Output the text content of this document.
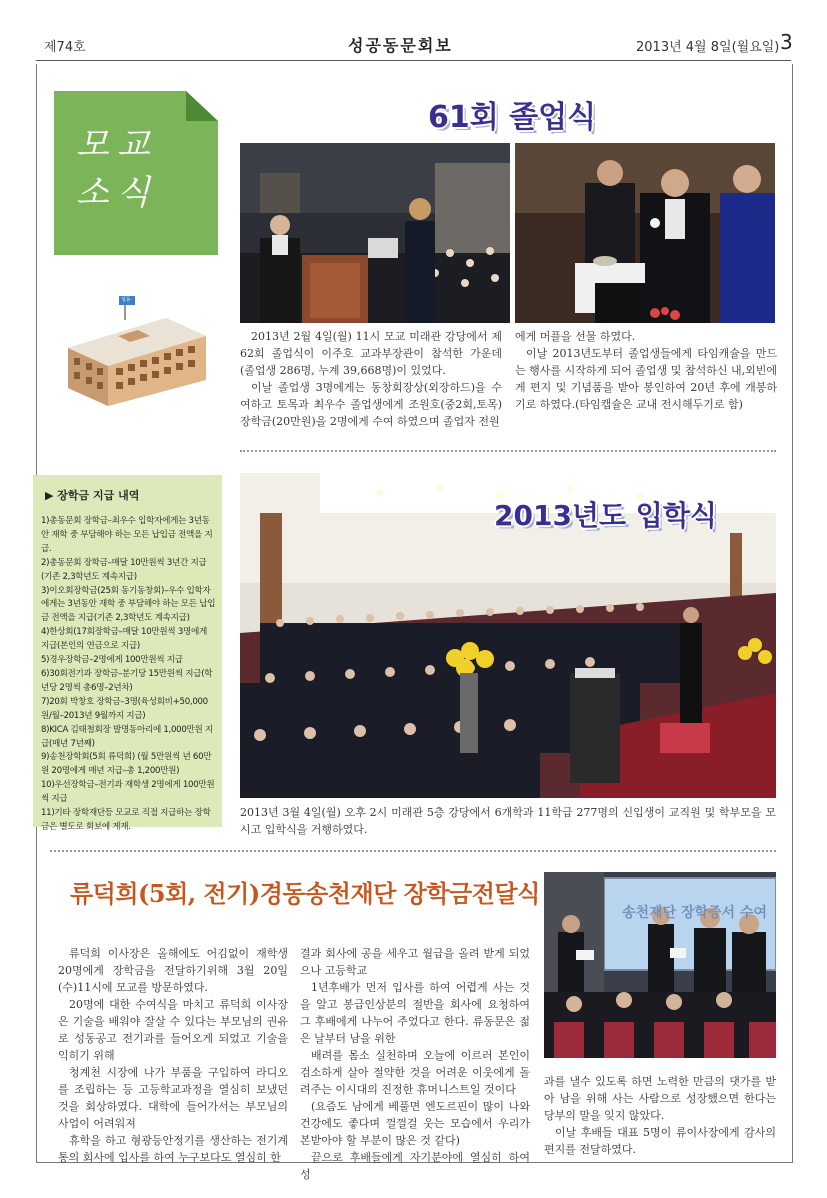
제74호	성공동문회보	2013년 4월 8일(월요일) 3
모교 소식
성동
61회 졸업식

2013년 2월 4일(월) 11시 모교 미래관 강당에서 제62회 졸업식이 이주호 교과부장관이 참석한 가운데 (졸업생 286명, 누계 39,668명)이 있었다.

이날 졸업생 3명에게는 동창회장상(외장하드)을 수여하고 토목과 최우수 졸업생에게 조원호(중2회,토목) 장학금(20만원)을 2명에게 수여 하였으며 졸업자 전원

에게 머플을 선물 하였다.

이날 2013년도부터 졸업생들에게 타임캐슐을 만드는 행사를 시작하게 되어 졸업생 및 참석하신 내,외빈에게 편지 및 기념품을 받아 봉인하여 20년 후에 개봉하기로 하였다.(타임캡슐은 교내 전시해두기로 함)

▶ 장학금 지급 내역
1)총동문회 장학금–최우수 입학자에게는 3년동안 재학 중 부담해야 하는 모든 납입금 전액을 지급.
2)총동문회 장학금–매달 10만원씩 3년간 지급(기존 2,3학년도 계속지급)
3)이오회장학금(25회 동기동창회)–우수 입학자에게는 3년동안 재학 중 부담해야 하는 모든 납입금 전액을 지급(기존 2,3학년도 계속지급)
4)한상회(17회장학금–매달 10만원씩 3명에게 지급(본인의 연금으로 지급)
5)경우장학금–2명에게 100만원씩 지급
6)30회전기과 장학금–분기당 15만원씩 지급(학년당 2명씩 총6명–2년차)
7)20회 박창호 장학금–3명(육성회비+50,000원/월–2013년 9월까지 지급)
8)KICA 김태철회장 발명동아리에 1,000만원 지급(매년 7년째)
9)송천장학회(5회 류덕희) (월 5만원씩 년 60만원 20명에게 매년 지급–총 1,200만원)
10)우선장학금–전기과 재학생 2명에게 100만원씩 지급
11)기타 장학재단등 모교로 직접 지급하는 장학금은 별도로 회보에 게재.
2013년도 입학식
2013년 3월 4일(월) 오후 2시 미래관 5층 강당에서 6개학과 11학급 277명의 신입생이 교직원 및 학부모을 모시고 입학식을 거행하였다.
류덕희(5회, 전기)경동송천재단 장학금전달식
송천재단 장학증서 수여

류덕희 이사장은 올해에도 어김없이 재학생 20명에게 장학금을 전달하기위해 3월 20일(수)11시에 모교를 방문하였다.

20명에 대한 수여식을 마치고 류덕희 이사장은 기술을 배워야 잘살 수 있다는 부모님의 권유로 성동공고 전기과를 들어오게 되었고 기술을 익히기 위해

청계천 시장에 나가 부품을 구입하여 라디오를 조립하는 등 고등학교과정을 열심히 보냈던 것을 회상하였다. 대학에 들어가서는 부모님의 사업이 어려워져

휴학을 하고 형광등안정기를 생산하는 전기계통의 회사에 입사를 하여 누구보다도 열심히 한

결과 회사에 공을 세우고 월급을 올려 받게 되었으나 고등학교

1년후배가 먼저 입사를 하여 어렵게 사는 것을 알고 봉급인상분의 절반을 회사에 요청하여 그 후배에게 나누어 주었다고 한다. 류동문은 젊은 날부터 남을 위한

배려를 몸소 실천하며 오늘에 이르러 본인이 검소하게 살아 절약한 것을 어려운 이웃에게 돌려주는 이시대의 진정한 휴머니스트일 것이다

(요즘도 남에게 베풀면 엔도르핀이 많이 나와 건강에도 좋다며 껄껄걸 웃는 모습에서 우리가 본받아야 할 부분이 많은 것 같다)

끝으로 후배들에게 자기분야에 열심히 하여 성

과를 낼수 있도록 하면 노력한 만큼의 댓가를 받아 남을 위해 사는 사람으로 성장했으면 한다는 당부의 말을 잊지 않았다.

이날 후배들 대표 5명이 류이사장에게 감사의 편지를 전달하였다.
